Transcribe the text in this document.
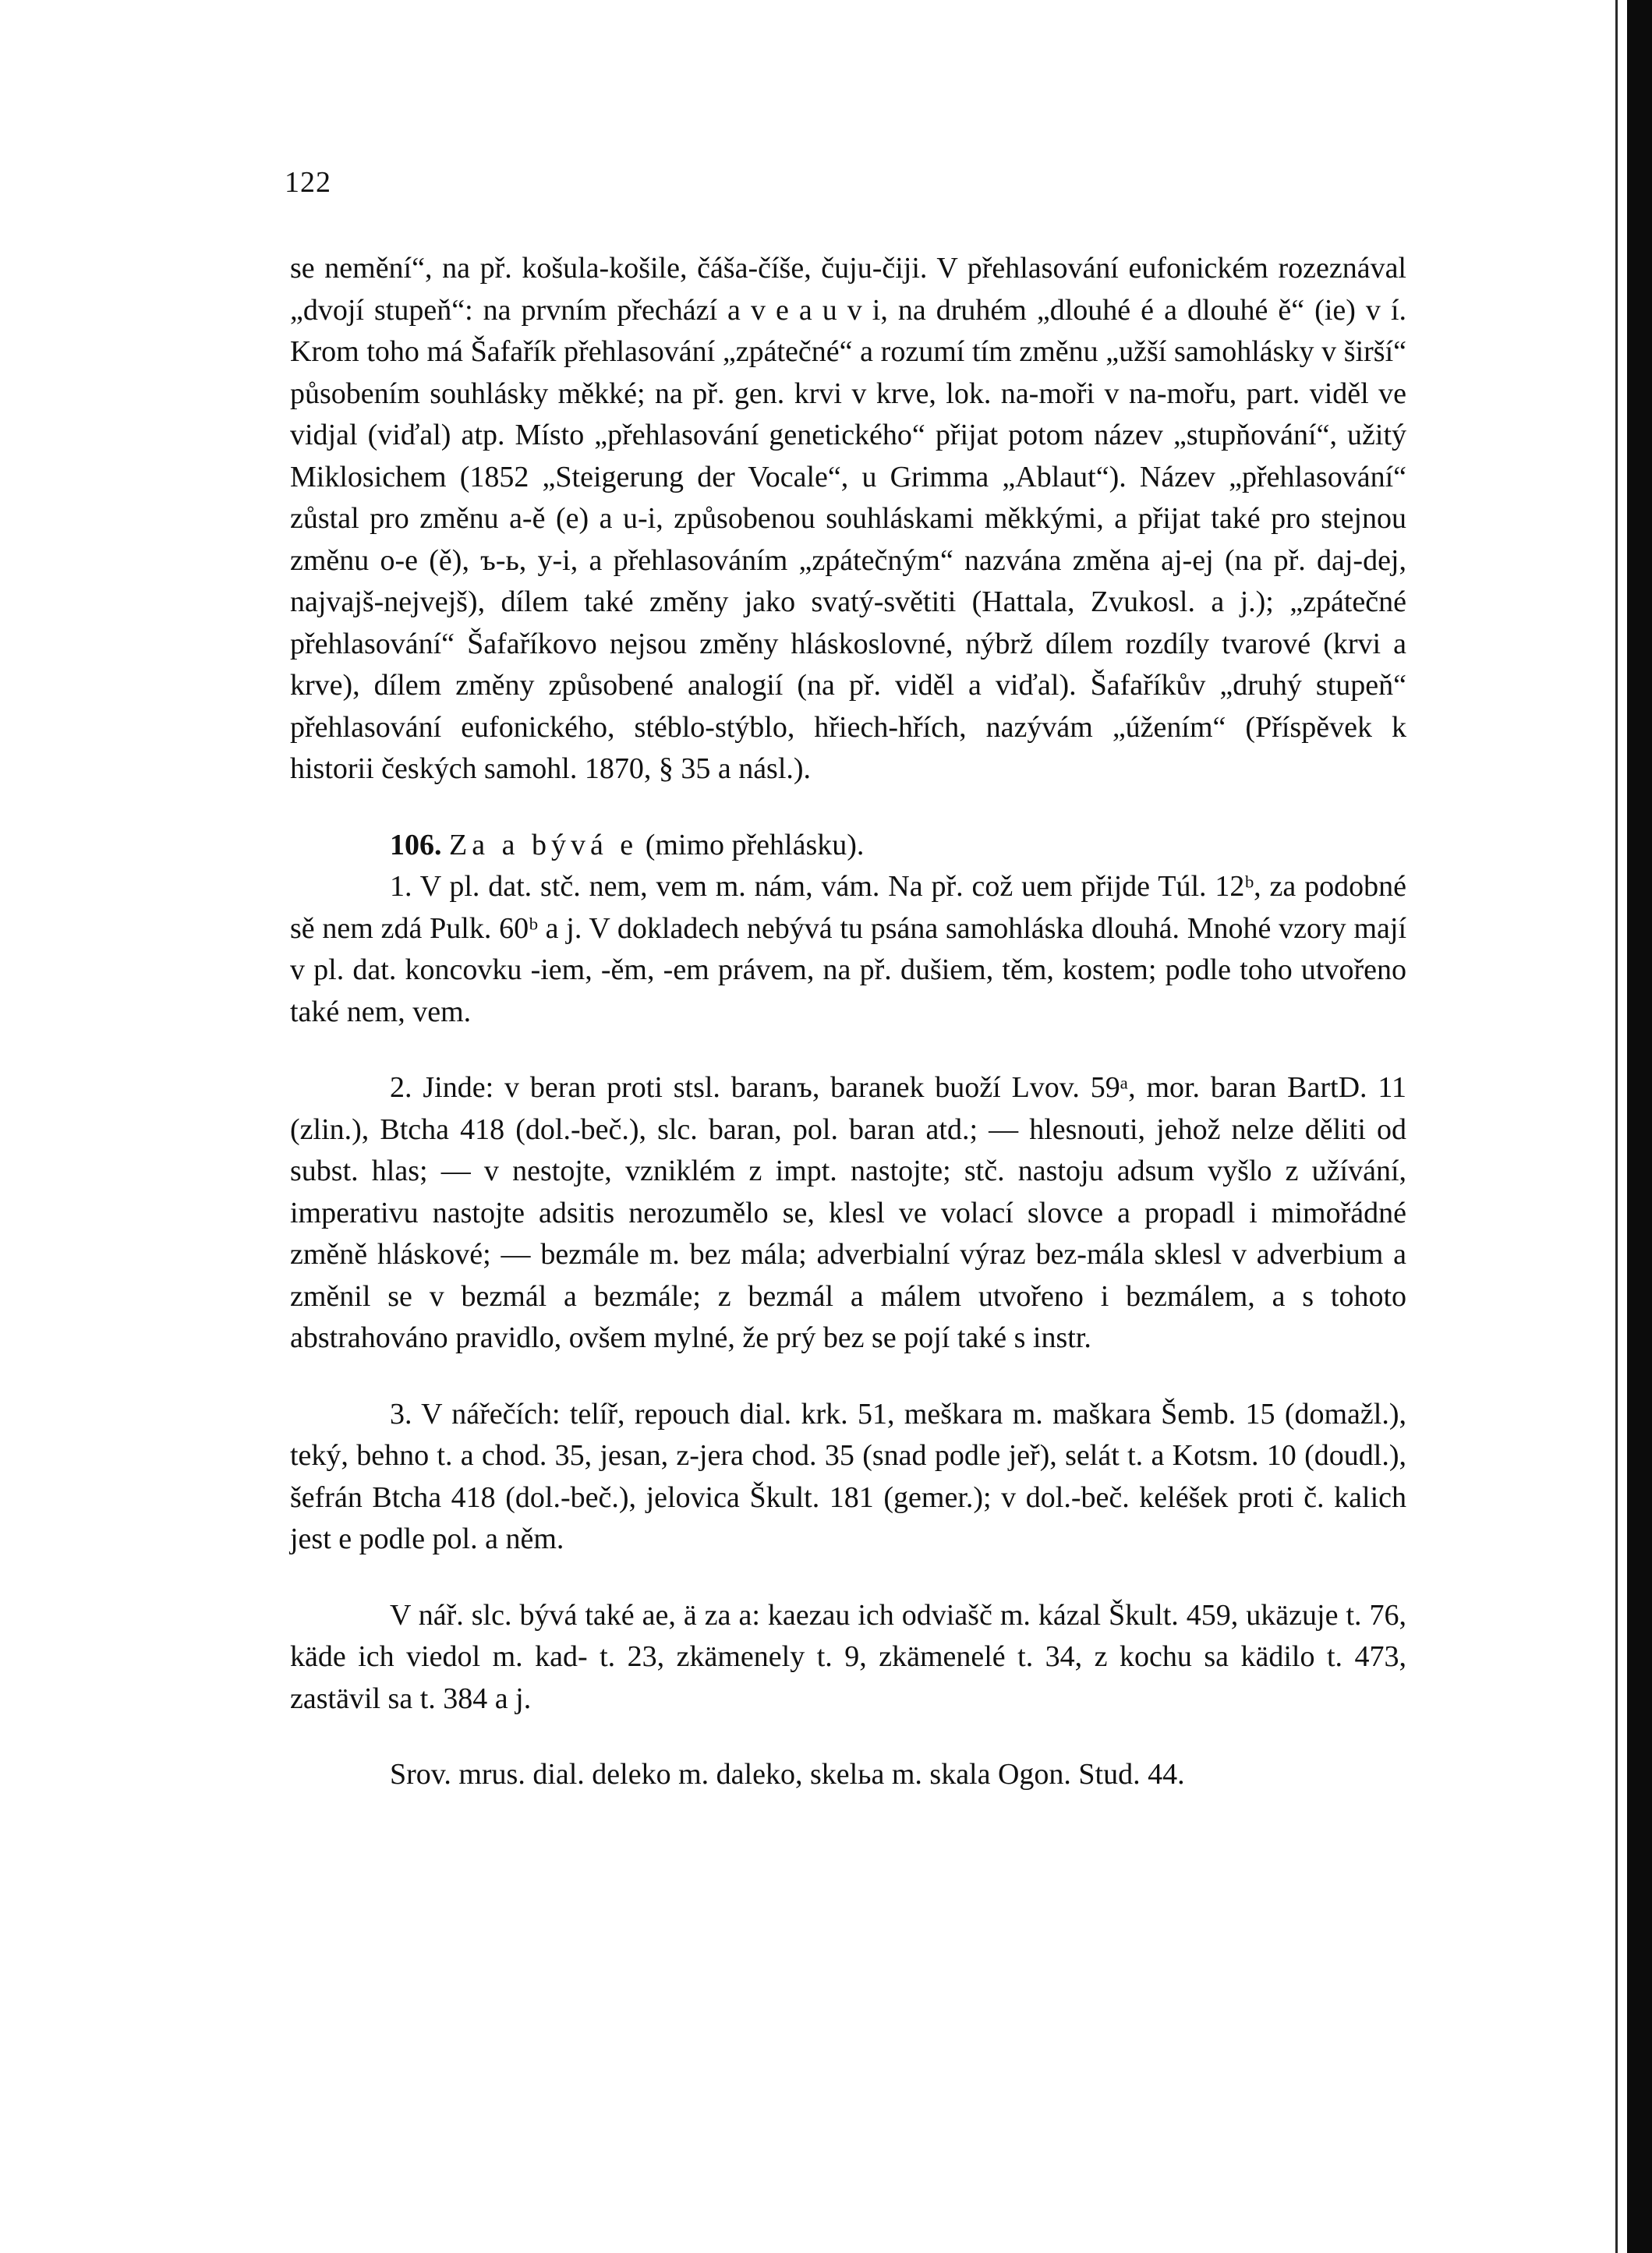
122

se nemění“, na př. košula-košile, čáša-číše, čuju-čiji. V přehlasování eufonickém rozeznával „dvojí stupeň“: na prvním přechází a v e a u v i, na druhém „dlouhé é a dlouhé ě“ (ie) v í. Krom toho má Šafařík přehlasování „zpátečné“ a rozumí tím změnu „užší samohlásky v širší“ působením souhlásky měkké; na př. gen. krvi v krve, lok. na-moři v na-mořu, part. viděl ve vidjal (viďal) atp. Místo „přehlasování genetického“ přijat potom název „stupňování“, užitý Miklosichem (1852 „Steigerung der Vocale“, u Grimma „Ablaut“). Název „přehlasování“ zůstal pro změnu a-ě (e) a u-i, způsobenou souhláskami měkkými, a přijat také pro stejnou změnu o-e (ě), ъ-ь, y-i, a přehlasováním „zpátečným“ nazvána změna aj-ej (na př. daj-dej, najvajš-nejvejš), dílem také změny jako svatý-světiti (Hattala, Zvukosl. a j.); „zpátečné přehlasování“ Šafaříkovo nejsou změny hláskoslovné, nýbrž dílem rozdíly tvarové (krvi a krve), dílem změny způsobené analogií (na př. viděl a viďal). Šafaříkův „druhý stupeň“ přehlasování eufonického, stéblo-stýblo, hřiech-hřích, nazývám „úžením“ (Příspěvek k historii českých samohl. 1870, § 35 a násl.).

106. Za a bývá e (mimo přehlásku).

1. V pl. dat. stč. nem, vem m. nám, vám. Na př. což uem přijde Túl. 12ᵇ, za podobné sě nem zdá Pulk. 60ᵇ a j. V dokladech nebývá tu psána samohláska dlouhá. Mnohé vzory mají v pl. dat. koncovku -iem, -ěm, -em právem, na př. dušiem, těm, kostem; podle toho utvořeno také nem, vem.

2. Jinde: v beran proti stsl. baranъ, baranek buoží Lvov. 59ᵃ, mor. baran BartD. 11 (zlin.), Btcha 418 (dol.-beč.), slc. baran, pol. baran atd.; — hlesnouti, jehož nelze děliti od subst. hlas; — v nestojte, vzniklém z impt. nastojte; stč. nastoju adsum vyšlo z užívání, imperativu nastojte adsitis nerozumělo se, klesl ve volací slovce a propadl i mimořádné změně hláskové; — bezmále m. bez mála; adverbialní výraz bez-mála sklesl v adverbium a změnil se v bezmál a bezmále; z bezmál a málem utvořeno i bezmálem, a s tohoto abstrahováno pravidlo, ovšem mylné, že prý bez se pojí také s instr.

3. V nářečích: telíř, repouch dial. krk. 51, meškara m. maškara Šemb. 15 (domažl.), teký, behno t. a chod. 35, jesan, z-jera chod. 35 (snad podle jeř), selát t. a Kotsm. 10 (doudl.), šefrán Btcha 418 (dol.-beč.), jelovica Škult. 181 (gemer.); v dol.-beč. keléšek proti č. kalich jest e podle pol. a něm.

V nář. slc. bývá také ae, ä za a: kaezau ich odviašč m. kázal Škult. 459, ukäzuje t. 76, käde ich viedol m. kad- t. 23, zkämenely t. 9, zkämenelé t. 34, z kochu sa kädilo t. 473, zastävil sa t. 384 a j.

Srov. mrus. dial. deleko m. daleko, skelьa m. skala Ogon. Stud. 44.
